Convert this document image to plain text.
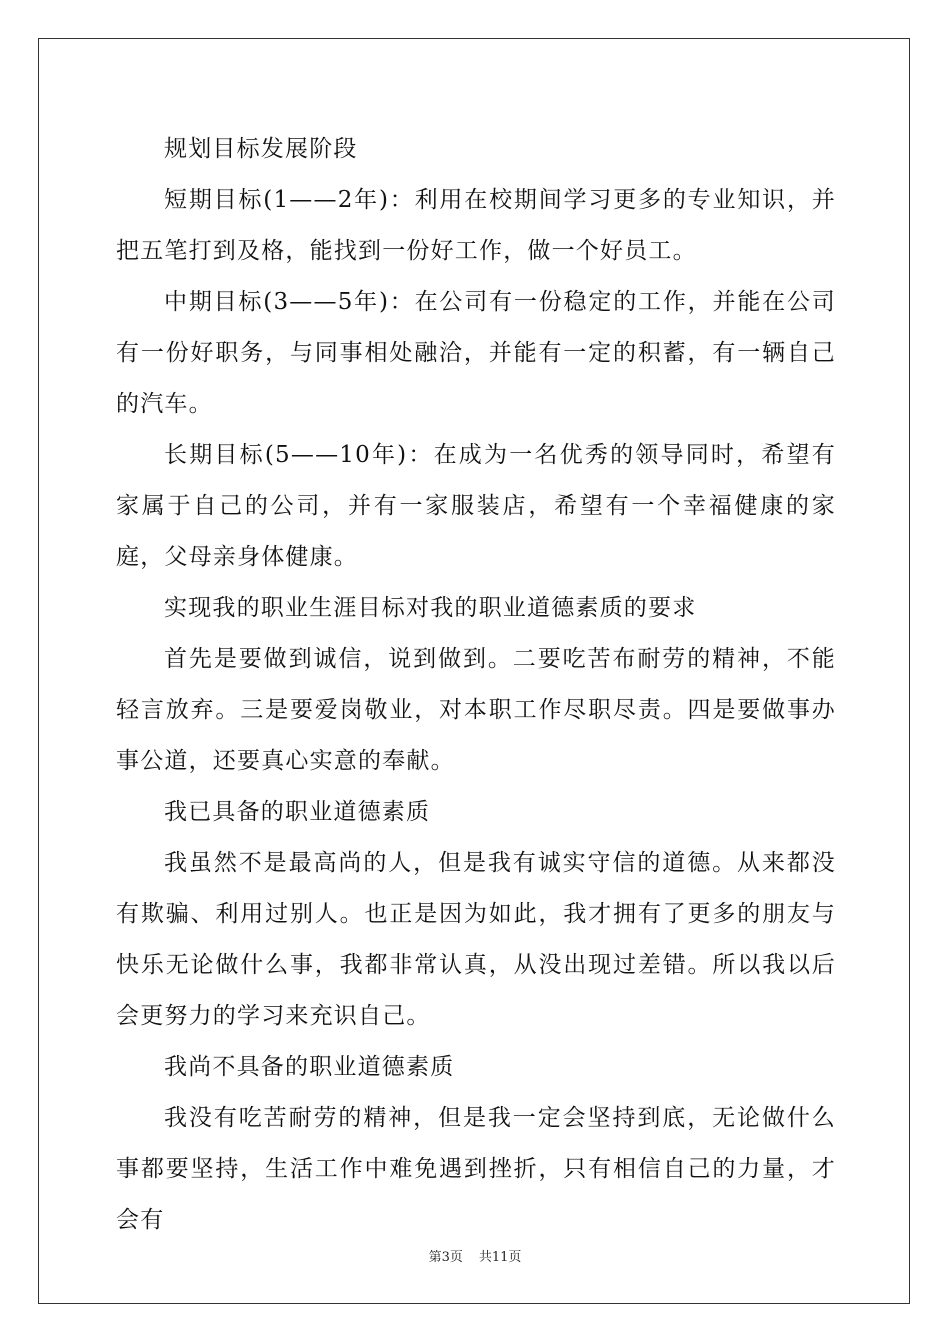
规划目标发展阶段

短期目标(1——2年)：利用在校期间学习更多的专业知识，并把五笔打到及格，能找到一份好工作，做一个好员工。

中期目标(3——5年)：在公司有一份稳定的工作，并能在公司有一份好职务，与同事相处融洽，并能有一定的积蓄，有一辆自己的汽车。

长期目标(5——10年)：在成为一名优秀的领导同时，希望有家属于自己的公司，并有一家服装店，希望有一个幸福健康的家庭，父母亲身体健康。

实现我的职业生涯目标对我的职业道德素质的要求

首先是要做到诚信，说到做到。二要吃苦布耐劳的精神，不能轻言放弃。三是要爱岗敬业，对本职工作尽职尽责。四是要做事办事公道，还要真心实意的奉献。

我已具备的职业道德素质

我虽然不是最高尚的人，但是我有诚实守信的道德。从来都没有欺骗、利用过别人。也正是因为如此，我才拥有了更多的朋友与快乐无论做什么事，我都非常认真，从没出现过差错。所以我以后会更努力的学习来充识自己。

我尚不具备的职业道德素质

我没有吃苦耐劳的精神，但是我一定会坚持到底，无论做什么事都要坚持，生活工作中难免遇到挫折，只有相信自己的力量，才会有

第3页 共11页
